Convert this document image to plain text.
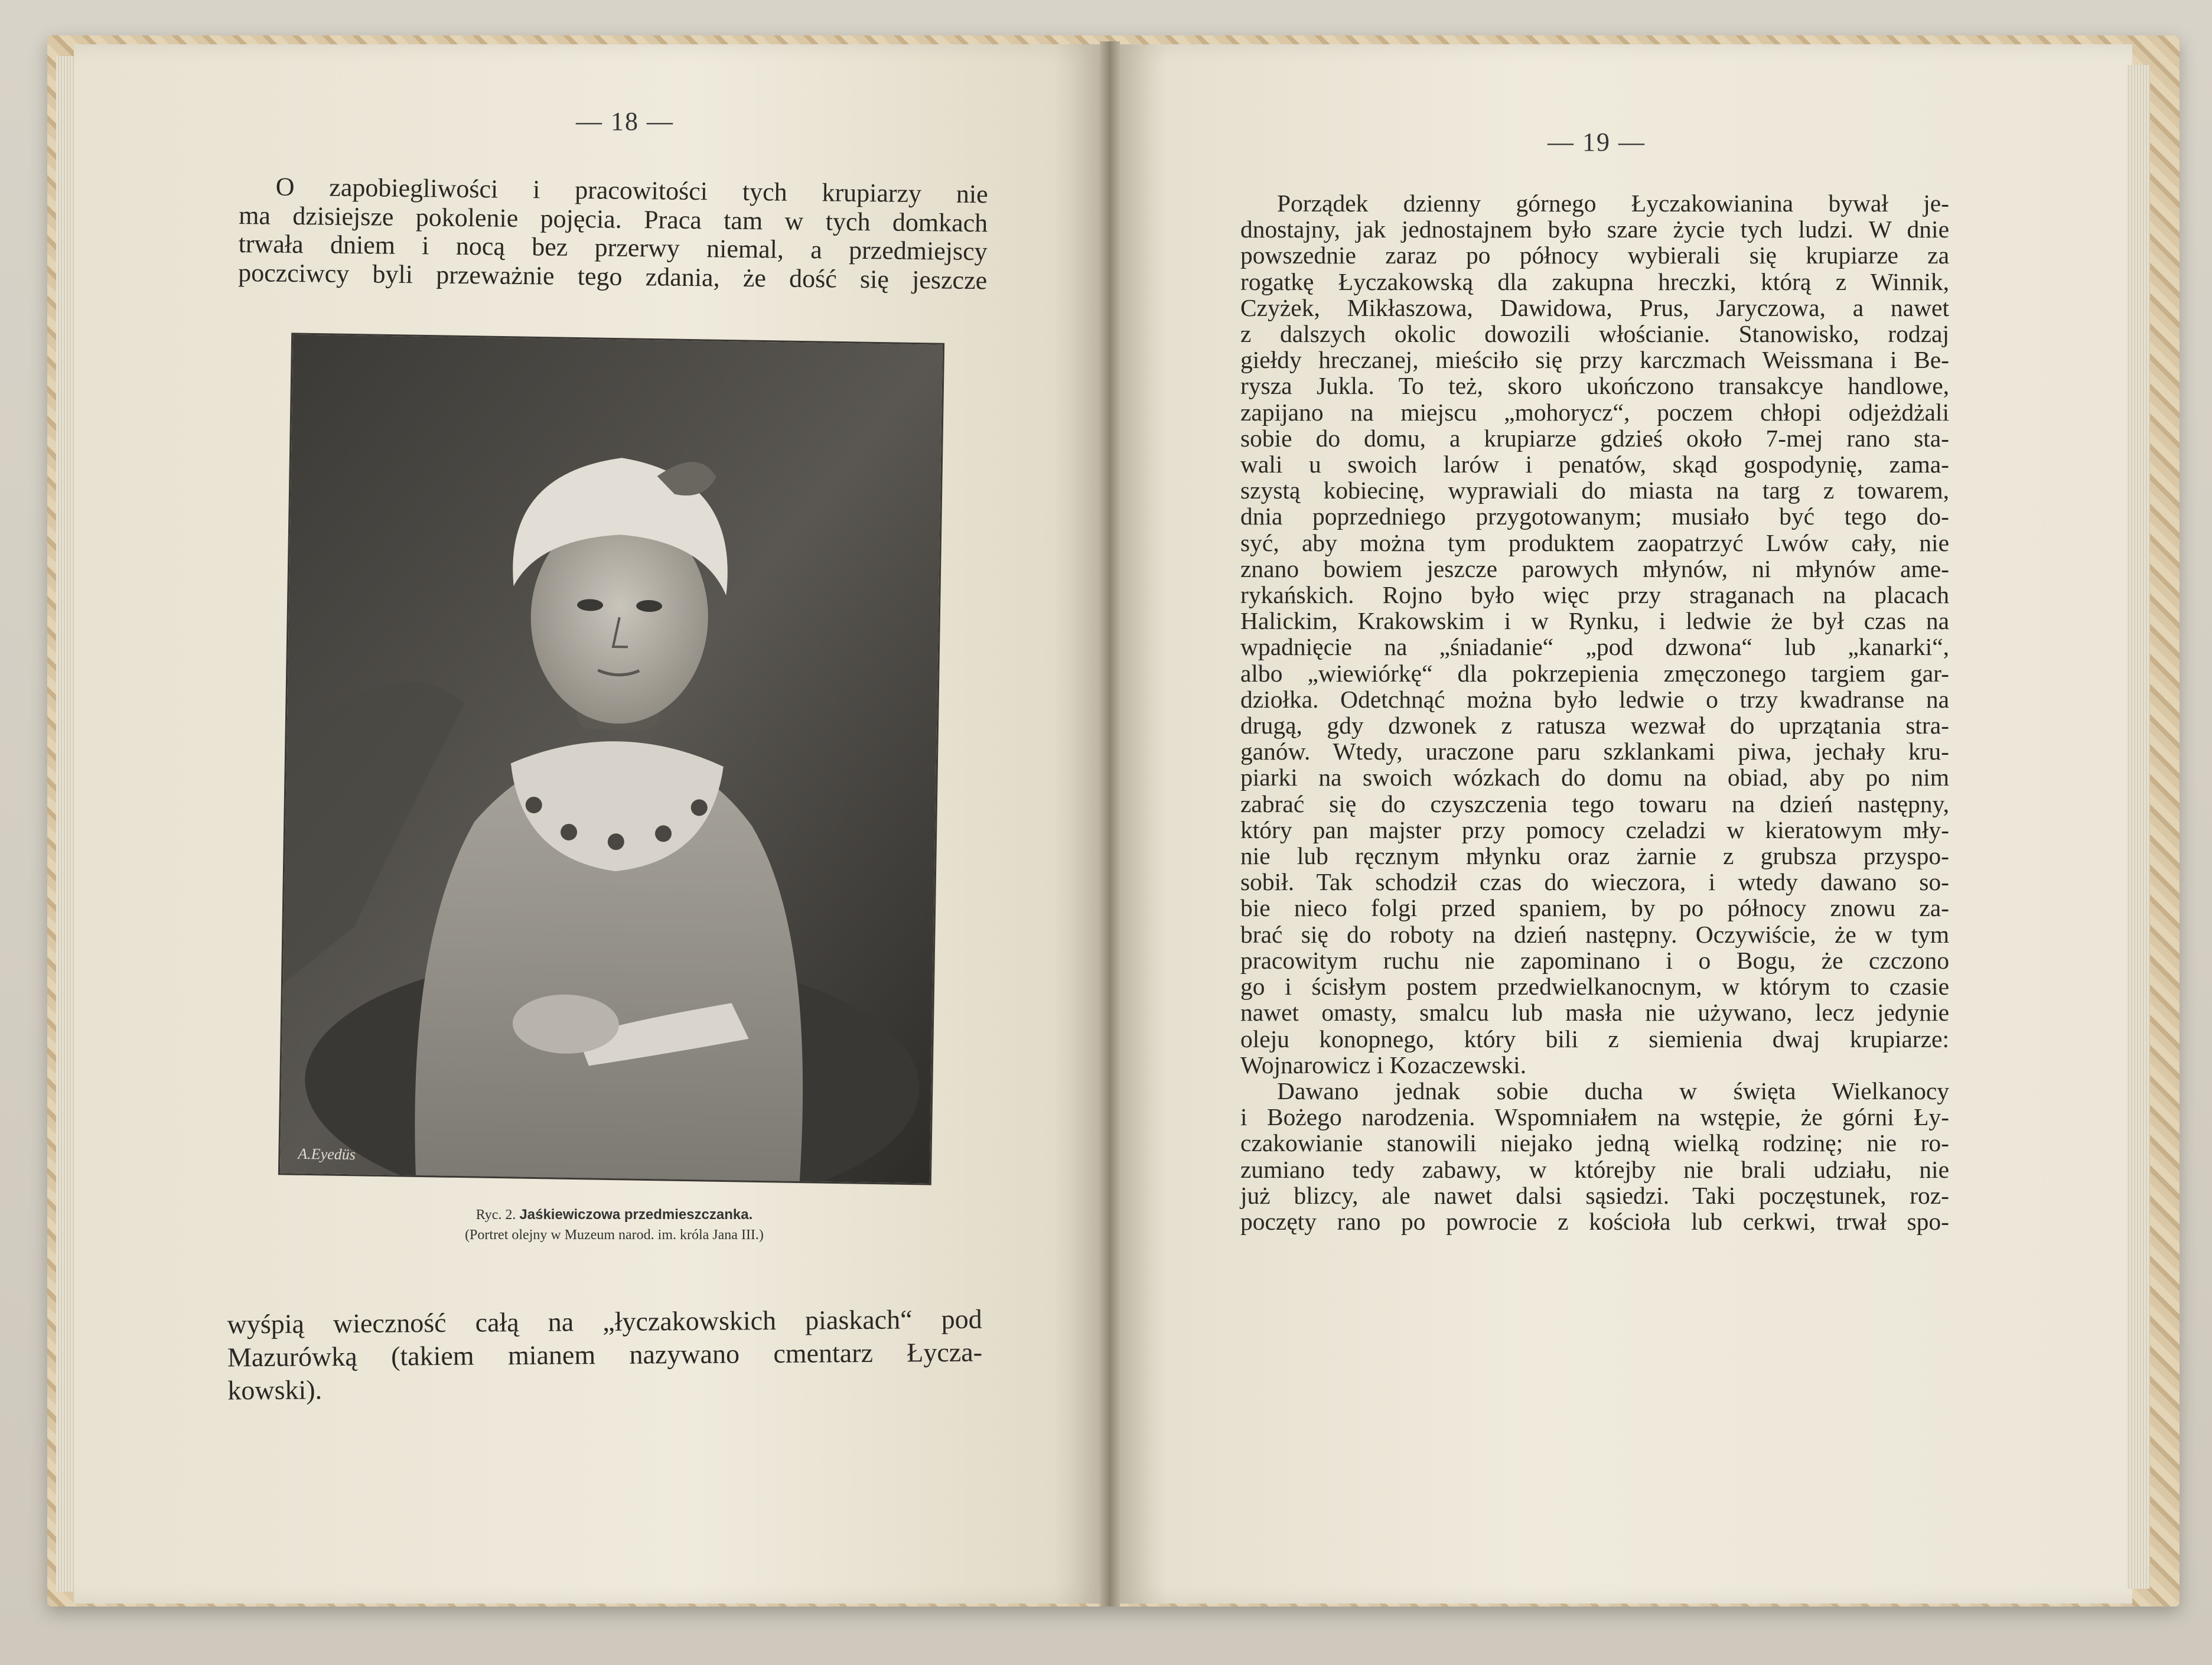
— 18 —
O zapobiegliwości i pracowitości tych krupiarzy nie
ma dzisiejsze pokolenie pojęcia. Praca tam w tych domkach
trwała dniem i nocą bez przerwy niemal, a przedmiejscy
poczciwcy byli przeważnie tego zdania, że dość się jeszcze
A.Eyedüs
Ryc. 2. Jaśkiewiczowa przedmieszczanka.
(Portret olejny w Muzeum narod. im. króla Jana III.)
wyśpią wieczność całą na „łyczakowskich piaskach“ pod
Mazurówką (takiem mianem nazywano cmentarz Łycza-
kowski).
— 19 —
Porządek dzienny górnego Łyczakowianina bywał je-
dnostajny, jak jednostajnem było szare życie tych ludzi. W dnie
powszednie zaraz po północy wybierali się krupiarze za
rogatkę Łyczakowską dla zakupna hreczki, którą z Winnik,
Czyżek, Mikłaszowa, Dawidowa, Prus, Jaryczowa, a nawet
z dalszych okolic dowozili włościanie. Stanowisko, rodzaj
giełdy hreczanej, mieściło się przy karczmach Weissmana i Be-
rysza Jukla. To też, skoro ukończono transakcye handlowe,
zapijano na miejscu „mohorycz“, poczem chłopi odjeżdżali
sobie do domu, a krupiarze gdzieś około 7-mej rano sta-
wali u swoich larów i penatów, skąd gospodynię, zama-
szystą kobiecinę, wyprawiali do miasta na targ z towarem,
dnia poprzedniego przygotowanym; musiało być tego do-
syć, aby można tym produktem zaopatrzyć Lwów cały, nie
znano bowiem jeszcze parowych młynów, ni młynów ame-
rykańskich. Rojno było więc przy straganach na placach
Halickim, Krakowskim i w Rynku, i ledwie że był czas na
wpadnięcie na „śniadanie“ „pod dzwona“ lub „kanarki“,
albo „wiewiórkę“ dla pokrzepienia zmęczonego targiem gar-
dziołka. Odetchnąć można było ledwie o trzy kwadranse na
drugą, gdy dzwonek z ratusza wezwał do uprzątania stra-
ganów. Wtedy, uraczone paru szklankami piwa, jechały kru-
piarki na swoich wózkach do domu na obiad, aby po nim
zabrać się do czyszczenia tego towaru na dzień następny,
który pan majster przy pomocy czeladzi w kieratowym mły-
nie lub ręcznym młynku oraz żarnie z grubsza przyspo-
sobił. Tak schodził czas do wieczora, i wtedy dawano so-
bie nieco folgi przed spaniem, by po północy znowu za-
brać się do roboty na dzień następny. Oczywiście, że w tym
pracowitym ruchu nie zapominano i o Bogu, że czczono
go i ścisłym postem przedwielkanocnym, w którym to czasie
nawet omasty, smalcu lub masła nie używano, lecz jedynie
oleju konopnego, który bili z siemienia dwaj krupiarze:
Wojnarowicz i Kozaczewski.
Dawano jednak sobie ducha w święta Wielkanocy
i Bożego narodzenia. Wspomniałem na wstępie, że górni Ły-
czakowianie stanowili niejako jedną wielką rodzinę; nie ro-
zumiano tedy zabawy, w którejby nie brali udziału, nie
już blizcy, ale nawet dalsi sąsiedzi. Taki poczęstunek, roz-
poczęty rano po powrocie z kościoła lub cerkwi, trwał spo-
